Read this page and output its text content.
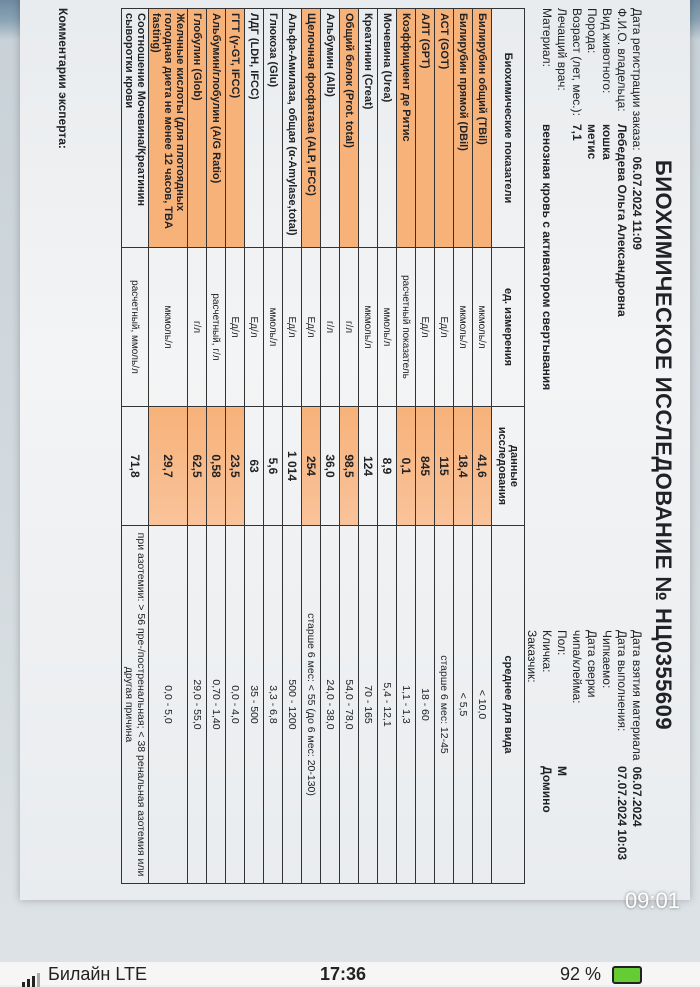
БИОХИМИЧЕСКОЕ ИССЛЕДОВАНИЕ № НЦ0355609
Дата регистрации заказа:
06.07.2024 11:09
Ф.И.О. владельца:
Лебедева Ольга Александровна
Вид животного:
кошка
Порода:
метис
Возраст (лет, мес.):
7,1
Лечащий врач:
Материал:
венозная кровь с активатором свертывания
Дата взятия материала
06.07.2024
Дата выполнения:
07.07.2024 10:03
Чипкаемо:
Дата сверки
чипа/клейма:
Пол:
М
Кличка:
Домино
Заказчик:
Биохимические показатели	ед. измерения	данные исследования	среднее для вида
Билирубин общий (TBil)	мкмоль/л	41,6	< 10,0
Билирубин прямой (DBil)	мкмоль/л	18,4	< 5,5
АСТ (GOT)	Ед/л	115	старше 6 мес: 12-45
АЛТ (GPT)	Ед/л	845	18 - 60
Коэффициент де Ритис	расчетный показатель	0,1	1,1 - 1,3
Мочевина (Urea)	ммоль/л	8,9	5,4 - 12,1
Креатинин (Creat)	мкмоль/л	124	70 - 165
Общий белок (Prot. total)	г/л	98,5	54,0 - 78,0
Альбумин (Alb)	г/л	36,0	24,0 - 38,0
Щелочная фосфатаза (ALP, IFCC)	Ед/л	254	старше 6 мес: < 55 (до 6 мес: 20-130)
Альфа-Амилаза, общая (α-Amylase,total)	Ед/л	1 014	500 - 1200
Глюкоза (Glu)	ммоль/л	5,6	3,3 - 6,8
ЛДГ (LDH, IFCC)	Ед/л	63	35 - 500
ГГТ (γ-GT, IFCC)	Ед/л	23,5	0,0 - 4,0
Альбумин/глобулин (A/G Ratio)	расчетный, г/л	0,58	0,70 - 1,40
Глобулин (Glob)	г/л	62,5	29,0 - 55,0
Желчные кислоты (для плотоядных голодная диета не менее 12 часов, TBA fasting)	мкмоль/л	29,7	0,0 - 5,0
Соотношение Мочевина/Креатинин сыворотки крови	расчетный, ммоль/л	71,8	при азотемии: > 56 пре-/постренальная; < 38 ренальная азотемия или другая причина
Комментарии эксперта:
09:01
Билайн LTE	17:36	92 %
